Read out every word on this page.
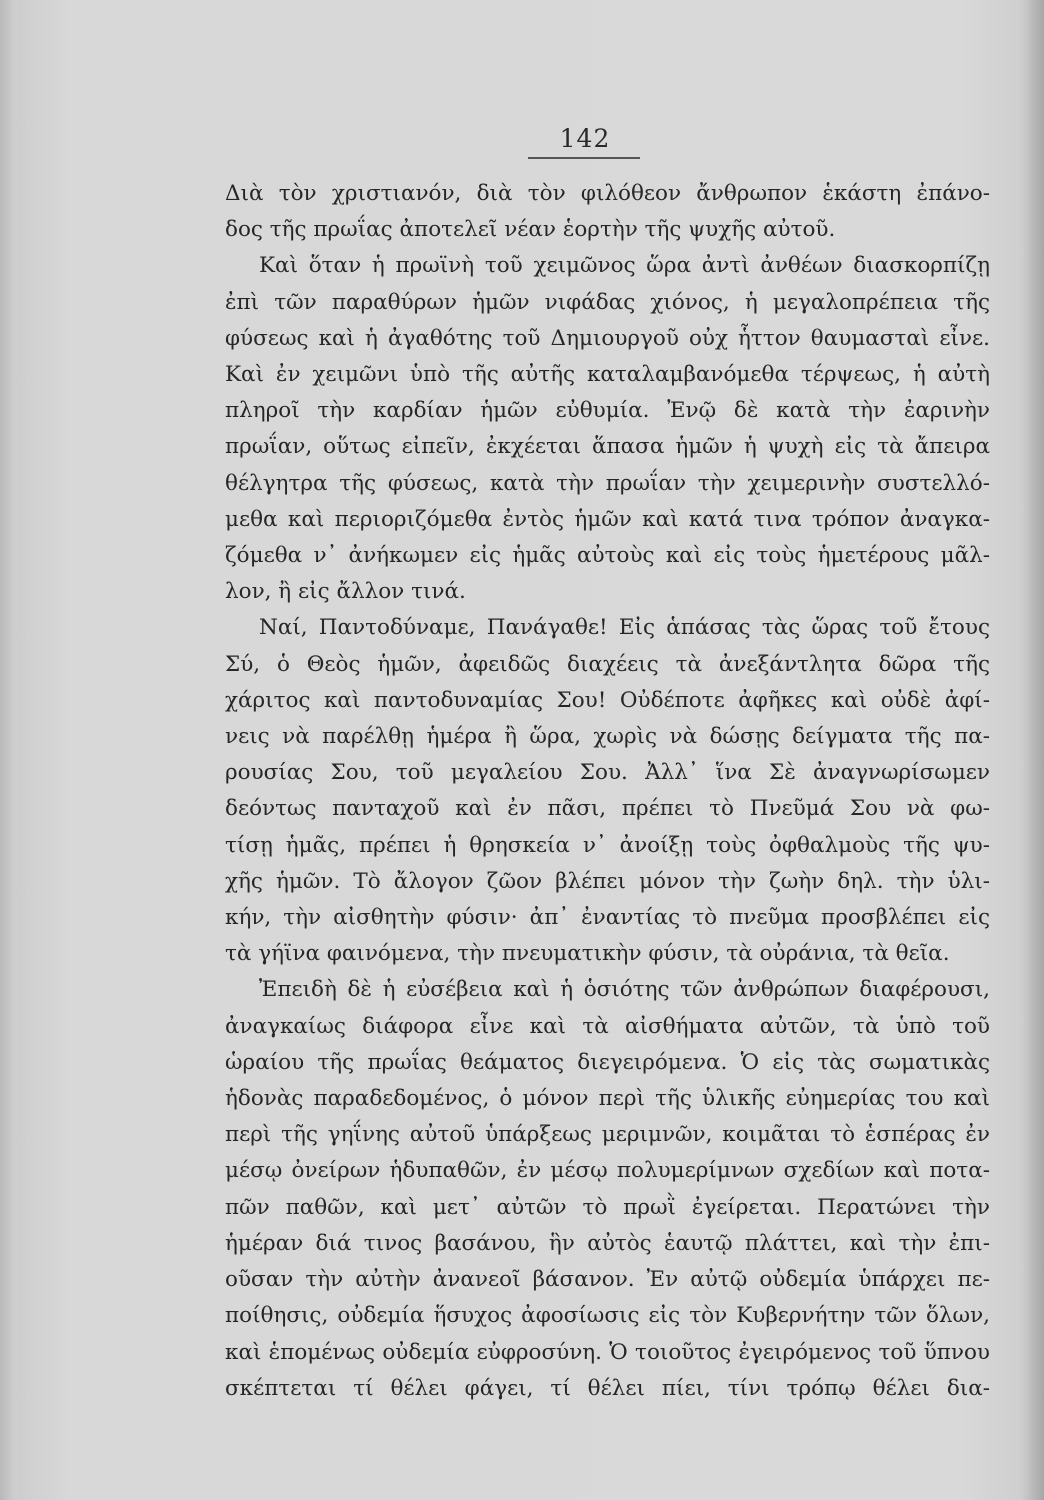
142
Διὰ τὸν χριστιανόν, διὰ τὸν φιλόθεον ἄνθρωπον ἑκάστη ἐπάνο-
δος τῆς πρωΐας ἀποτελεῖ νέαν ἑορτὴν τῆς ψυχῆς αὐτοῦ.
Καὶ ὅταν ἡ πρωϊνὴ τοῦ χειμῶνος ὥρα ἀντὶ ἀνθέων διασκορπίζῃ
ἐπὶ τῶν παραθύρων ἡμῶν νιφάδας χιόνος, ἡ μεγαλοπρέπεια τῆς
φύσεως καὶ ἡ ἀγαθότης τοῦ Δημιουργοῦ οὐχ ἧττον θαυμασταὶ εἶνε.
Καὶ ἐν χειμῶνι ὑπὸ τῆς αὐτῆς καταλαμβανόμεθα τέρψεως, ἡ αὐτὴ
πληροῖ τὴν καρδίαν ἡμῶν εὐθυμία. Ἐνῷ δὲ κατὰ τὴν ἐαρινὴν
πρωΐαν, οὕτως εἰπεῖν, ἐκχέεται ἅπασα ἡμῶν ἡ ψυχὴ εἰς τὰ ἄπειρα
θέλγητρα τῆς φύσεως, κατὰ τὴν πρωΐαν τὴν χειμερινὴν συστελλό-
μεθα καὶ περιοριζόμεθα ἐντὸς ἡμῶν καὶ κατά τινα τρόπον ἀναγκα-
ζόμεθα ν᾽ ἀνήκωμεν εἰς ἡμᾶς αὐτοὺς καὶ εἰς τοὺς ἡμετέρους μᾶλ-
λον, ἢ εἰς ἄλλον τινά.
Ναί, Παντοδύναμε, Πανάγαθε! Εἰς ἁπάσας τὰς ὥρας τοῦ ἔτους
Σύ, ὁ Θεὸς ἡμῶν, ἀφειδῶς διαχέεις τὰ ἀνεξάντλητα δῶρα τῆς
χάριτος καὶ παντοδυναμίας Σου! Οὐδέποτε ἀφῆκες καὶ οὐδὲ ἀφί-
νεις νὰ παρέλθῃ ἡμέρα ἢ ὥρα, χωρὶς νὰ δώσῃς δείγματα τῆς πα-
ρουσίας Σου, τοῦ μεγαλείου Σου. Ἀλλ᾽ ἵνα Σὲ ἀναγνωρίσωμεν
δεόντως πανταχοῦ καὶ ἐν πᾶσι, πρέπει τὸ Πνεῦμά Σου νὰ φω-
τίσῃ ἡμᾶς, πρέπει ἡ θρησκεία ν᾽ ἀνοίξῃ τοὺς ὀφθαλμοὺς τῆς ψυ-
χῆς ἡμῶν. Τὸ ἄλογον ζῶον βλέπει μόνον τὴν ζωὴν δηλ. τὴν ὑλι-
κήν, τὴν αἰσθητὴν φύσιν· ἀπ᾽ ἐναντίας τὸ πνεῦμα προσβλέπει εἰς
τὰ γήϊνα φαινόμενα, τὴν πνευματικὴν φύσιν, τὰ οὐράνια, τὰ θεῖα.
Ἐπειδὴ δὲ ἡ εὐσέβεια καὶ ἡ ὁσιότης τῶν ἀνθρώπων διαφέρουσι,
ἀναγκαίως διάφορα εἶνε καὶ τὰ αἰσθήματα αὐτῶν, τὰ ὑπὸ τοῦ
ὡραίου τῆς πρωΐας θεάματος διεγειρόμενα. Ὁ εἰς τὰς σωματικὰς
ἡδονὰς παραδεδομένος, ὁ μόνον περὶ τῆς ὑλικῆς εὐημερίας του καὶ
περὶ τῆς γηΐνης αὐτοῦ ὑπάρξεως μεριμνῶν, κοιμᾶται τὸ ἑσπέρας ἐν
μέσῳ ὀνείρων ἡδυπαθῶν, ἐν μέσῳ πολυμερίμνων σχεδίων καὶ ποτα-
πῶν παθῶν, καὶ μετ᾽ αὐτῶν τὸ πρωῒ ἐγείρεται. Περατώνει τὴν
ἡμέραν διά τινος βασάνου, ἣν αὐτὸς ἑαυτῷ πλάττει, καὶ τὴν ἐπι-
οῦσαν τὴν αὐτὴν ἀνανεοῖ βάσανον. Ἐν αὐτῷ οὐδεμία ὑπάρχει πε-
ποίθησις, οὐδεμία ἥσυχος ἀφοσίωσις εἰς τὸν Κυβερνήτην τῶν ὅλων,
καὶ ἑπομένως οὐδεμία εὐφροσύνη. Ὁ τοιοῦτος ἐγειρόμενος τοῦ ὕπνου
σκέπτεται τί θέλει φάγει, τί θέλει πίει, τίνι τρόπῳ θέλει δια-
